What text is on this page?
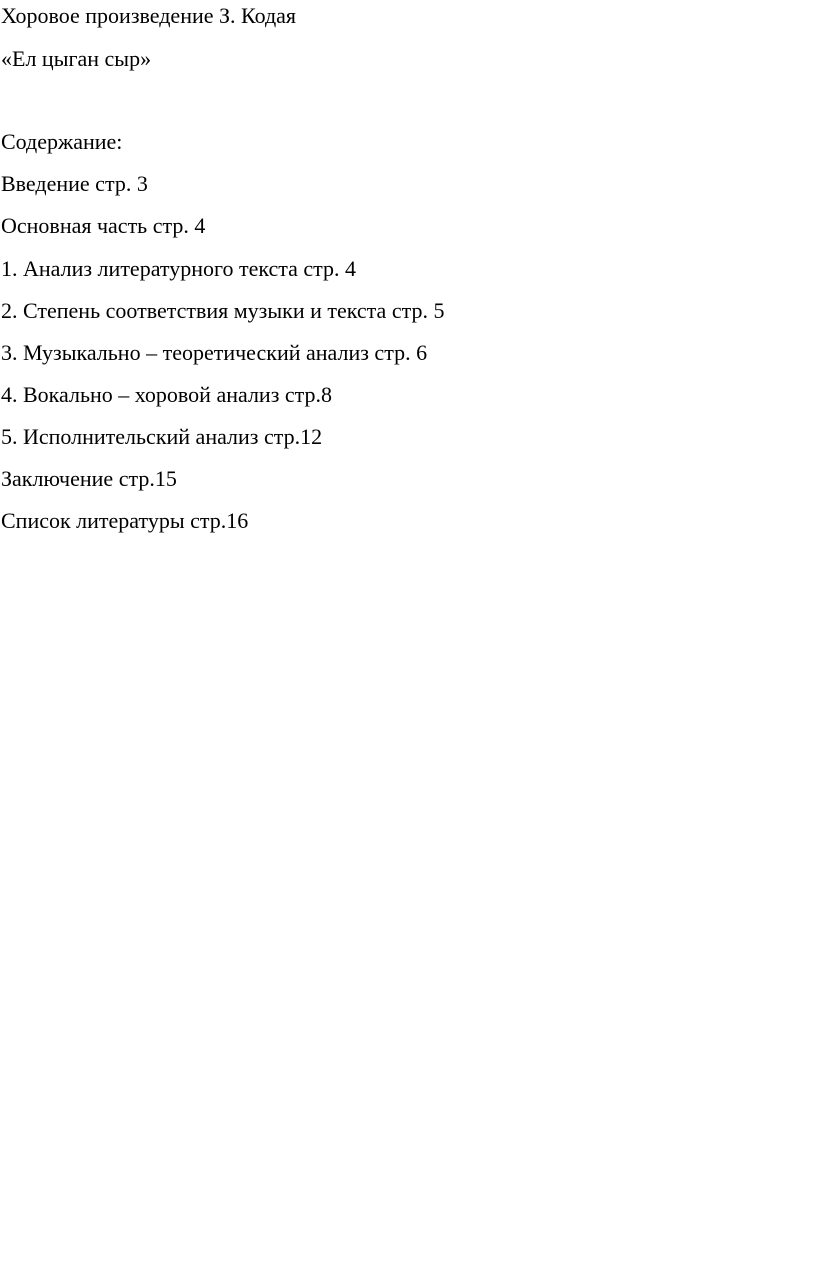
Хоровое произведение З. Кодая
«Ел цыган сыр»
Содержание:
Введение стр. 3
Основная часть стр. 4
1. Анализ литературного текста стр. 4
2. Степень соответствия музыки и текста стр. 5
3. Музыкально – теоретический анализ стр. 6
4. Вокально – хоровой анализ стр.8
5. Исполнительский анализ стр.12
Заключение стр.15
Список литературы стр.16
